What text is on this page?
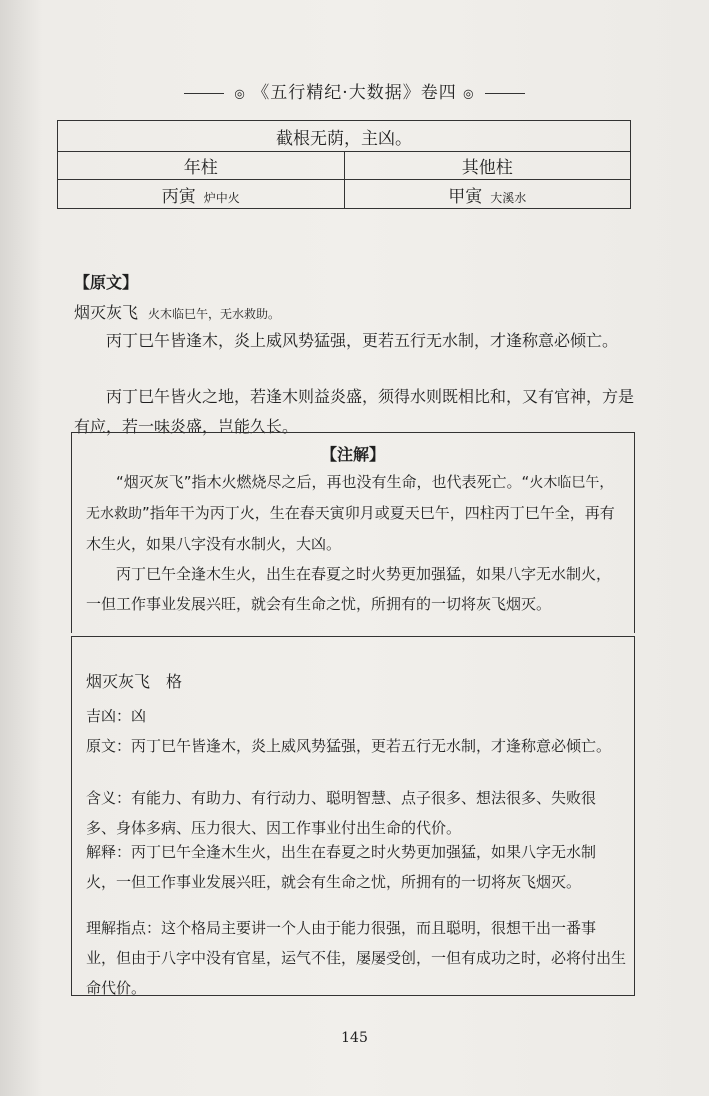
◎ 《五行精纪·大数据》卷四 ◎
截根无荫，主凶。	
年柱	其他柱
丙寅 炉中火	甲寅 大溪水
【原文】
烟灭灰飞 火木临巳午，无水救助。
丙丁巳午皆逢木，炎上威风势猛强，更若五行无水制，才逢称意必倾亡。
丙丁巳午皆火之地，若逢木则益炎盛，须得水则既相比和，又有官神，方是有应，若一味炎盛，岂能久长。
【注解】
“烟灭灰飞”指木火燃烧尽之后，再也没有生命，也代表死亡。“火木临巳午，无水救助”指年干为丙丁火，生在春天寅卯月或夏天巳午，四柱丙丁巳午全，再有木生火，如果八字没有水制火，大凶。
丙丁巳午全逢木生火，出生在春夏之时火势更加强猛，如果八字无水制火，一但工作事业发展兴旺，就会有生命之忧，所拥有的一切将灰飞烟灭。
烟灭灰飞　格
吉凶：凶
原文：丙丁巳午皆逢木，炎上威风势猛强，更若五行无水制，才逢称意必倾亡。
含义：有能力、有助力、有行动力、聪明智慧、点子很多、想法很多、失败很多、身体多病、压力很大、因工作事业付出生命的代价。
解释：丙丁巳午全逢木生火，出生在春夏之时火势更加强猛，如果八字无水制火，一但工作事业发展兴旺，就会有生命之忧，所拥有的一切将灰飞烟灭。
理解指点：这个格局主要讲一个人由于能力很强，而且聪明，很想干出一番事业，但由于八字中没有官星，运气不佳，屡屡受创，一但有成功之时，必将付出生命代价。
145
